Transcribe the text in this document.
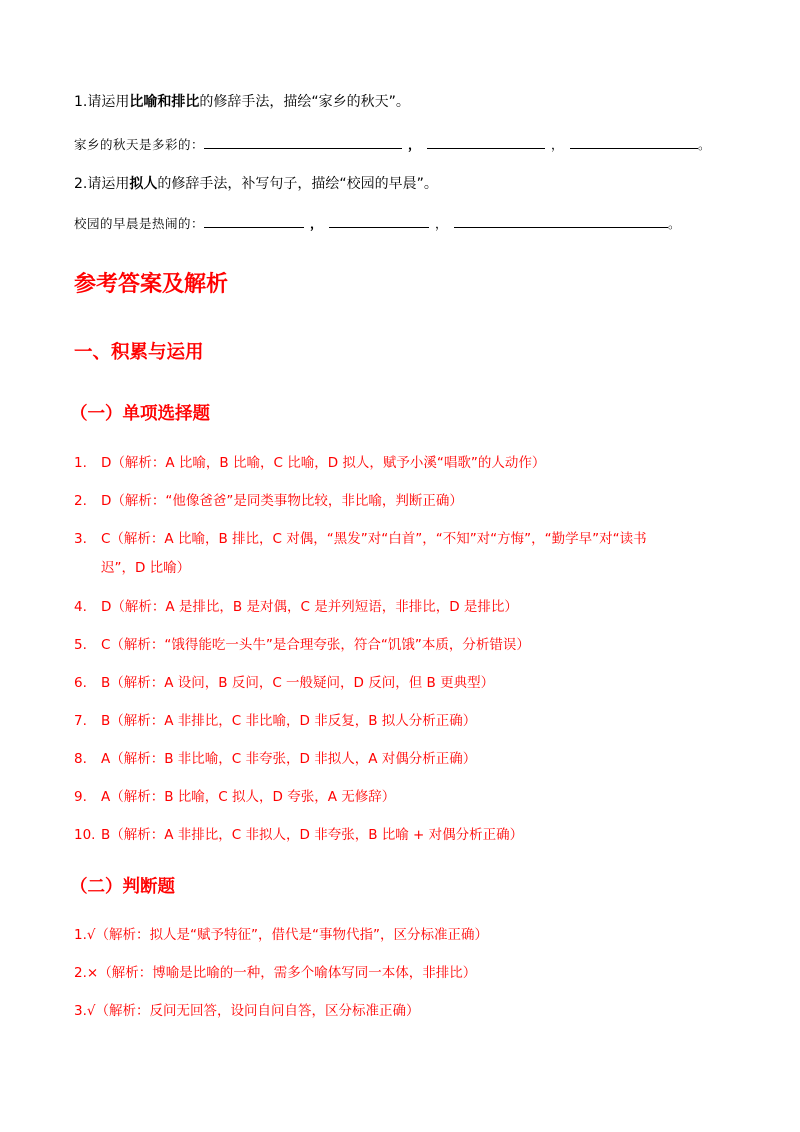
1.请运用比喻和排比的修辞手法，描绘“家乡的秋天”。
家乡的秋天是多彩的：	，	，	。
2.请运用拟人的修辞手法，补写句子，描绘“校园的早晨”。
校园的早晨是热闹的：	，	，	。
参考答案及解析
一、积累与运用
（一）单项选择题
1. D（解析：A 比喻，B 比喻，C 比喻，D 拟人，赋予小溪“唱歌”的人动作）
2. D（解析：“他像爸爸”是同类事物比较，非比喻，判断正确）
3. C（解析：A 比喻，B 排比，C 对偶，“黑发”对“白首”，“不知”对“方悔”，“勤学早”对“读书
迟”，D 比喻）
4. D（解析：A 是排比，B 是对偶，C 是并列短语，非排比，D 是排比）
5. C（解析：“饿得能吃一头牛”是合理夸张，符合“饥饿”本质，分析错误）
6. B（解析：A 设问，B 反问，C 一般疑问，D 反问，但 B 更典型）
7. B（解析：A 非排比，C 非比喻，D 非反复，B 拟人分析正确）
8. A（解析：B 非比喻，C 非夸张，D 非拟人，A 对偶分析正确）
9. A（解析：B 比喻，C 拟人，D 夸张，A 无修辞）
10. B（解析：A 非排比，C 非拟人，D 非夸张，B 比喻 + 对偶分析正确）
（二）判断题
1.√（解析：拟人是“赋予特征”，借代是“事物代指”，区分标准正确）
2.×（解析：博喻是比喻的一种，需多个喻体写同一本体，非排比）
3.√（解析：反问无回答，设问自问自答，区分标准正确）
